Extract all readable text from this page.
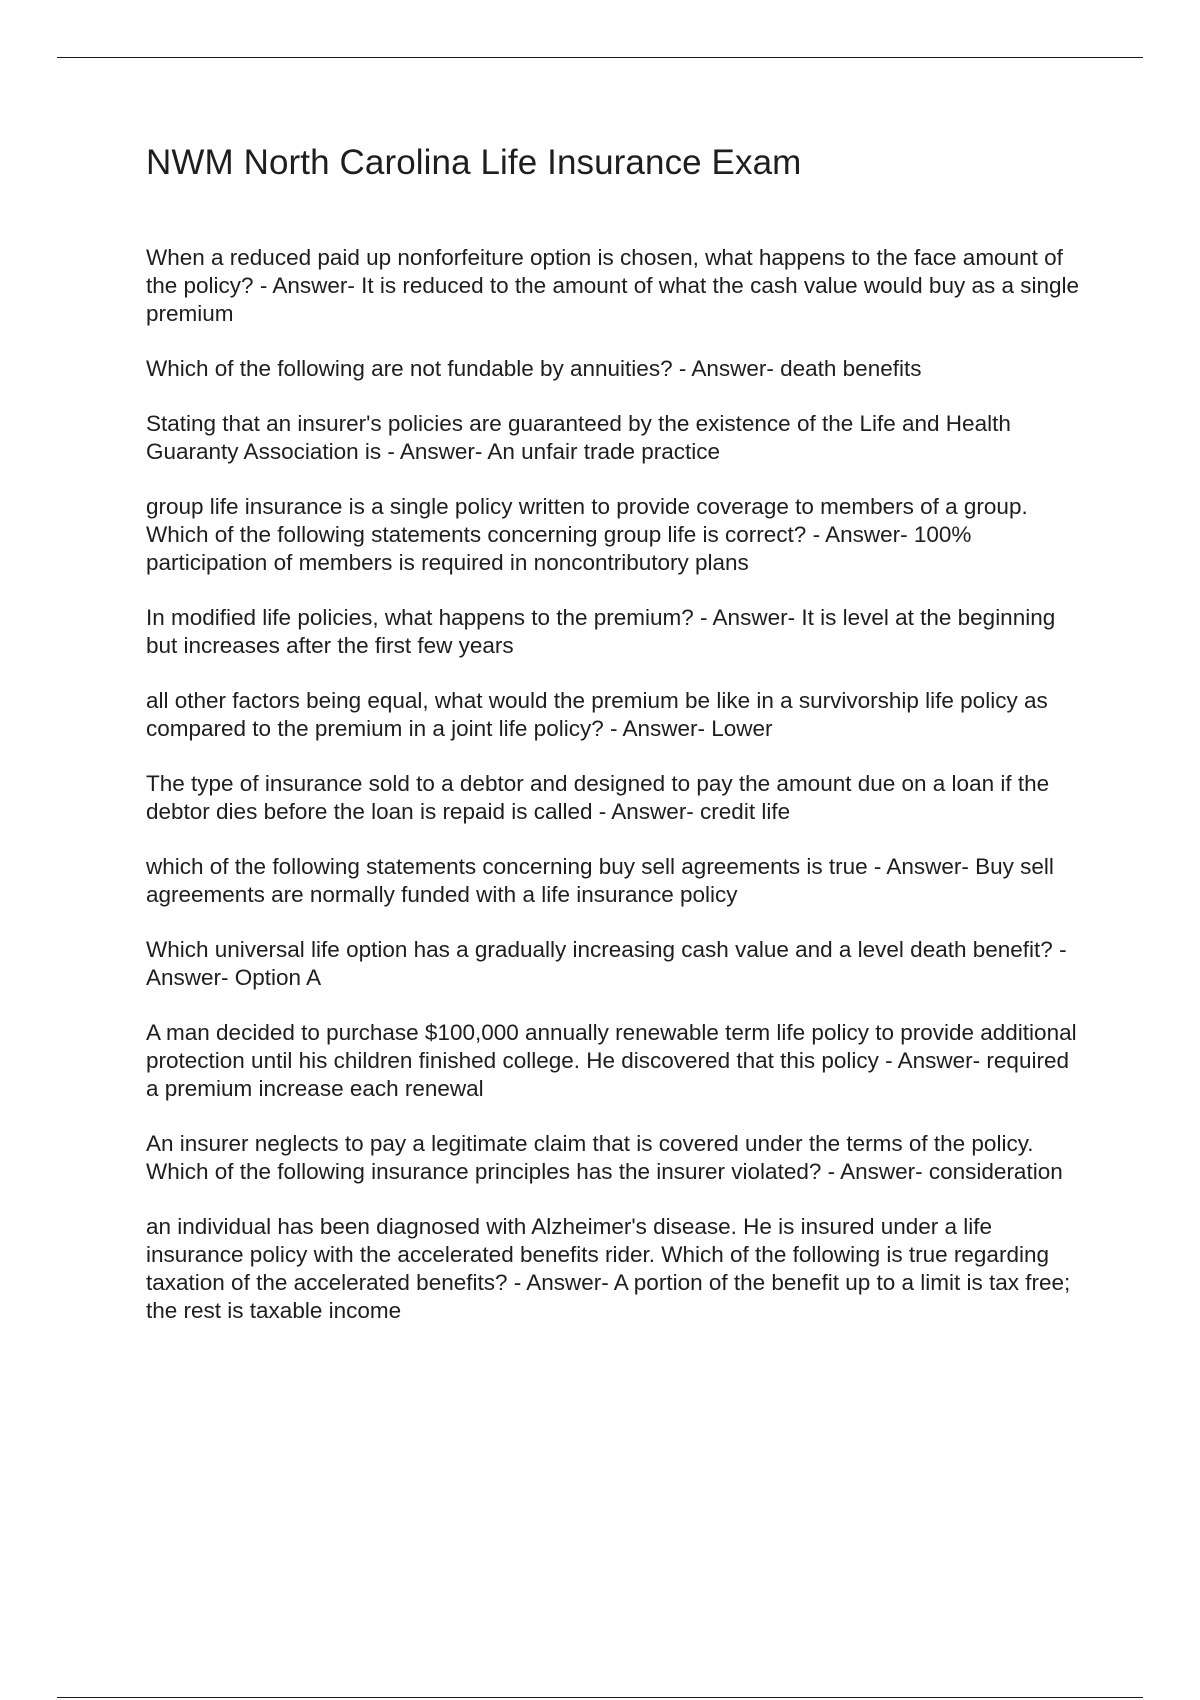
NWM North Carolina Life Insurance Exam

When a reduced paid up nonforfeiture option is chosen, what happens to the face amount of the policy? - Answer- It is reduced to the amount of what the cash value would buy as a single premium

Which of the following are not fundable by annuities? - Answer- death benefits

Stating that an insurer's policies are guaranteed by the existence of the Life and Health Guaranty Association is - Answer- An unfair trade practice

group life insurance is a single policy written to provide coverage to members of a group. Which of the following statements concerning group life is correct? - Answer- 100% participation of members is required in noncontributory plans

In modified life policies, what happens to the premium? - Answer- It is level at the beginning but increases after the first few years

all other factors being equal, what would the premium be like in a survivorship life policy as compared to the premium in a joint life policy? - Answer- Lower

The type of insurance sold to a debtor and designed to pay the amount due on a loan if the debtor dies before the loan is repaid is called - Answer- credit life

which of the following statements concerning buy sell agreements is true - Answer- Buy sell agreements are normally funded with a life insurance policy

Which universal life option has a gradually increasing cash value and a level death benefit? - Answer- Option A

A man decided to purchase $100,000 annually renewable term life policy to provide additional protection until his children finished college. He discovered that this policy - Answer- required a premium increase each renewal

An insurer neglects to pay a legitimate claim that is covered under the terms of the policy. Which of the following insurance principles has the insurer violated? - Answer- consideration

an individual has been diagnosed with Alzheimer's disease. He is insured under a life insurance policy with the accelerated benefits rider. Which of the following is true regarding taxation of the accelerated benefits? - Answer- A portion of the benefit up to a limit is tax free; the rest is taxable income
